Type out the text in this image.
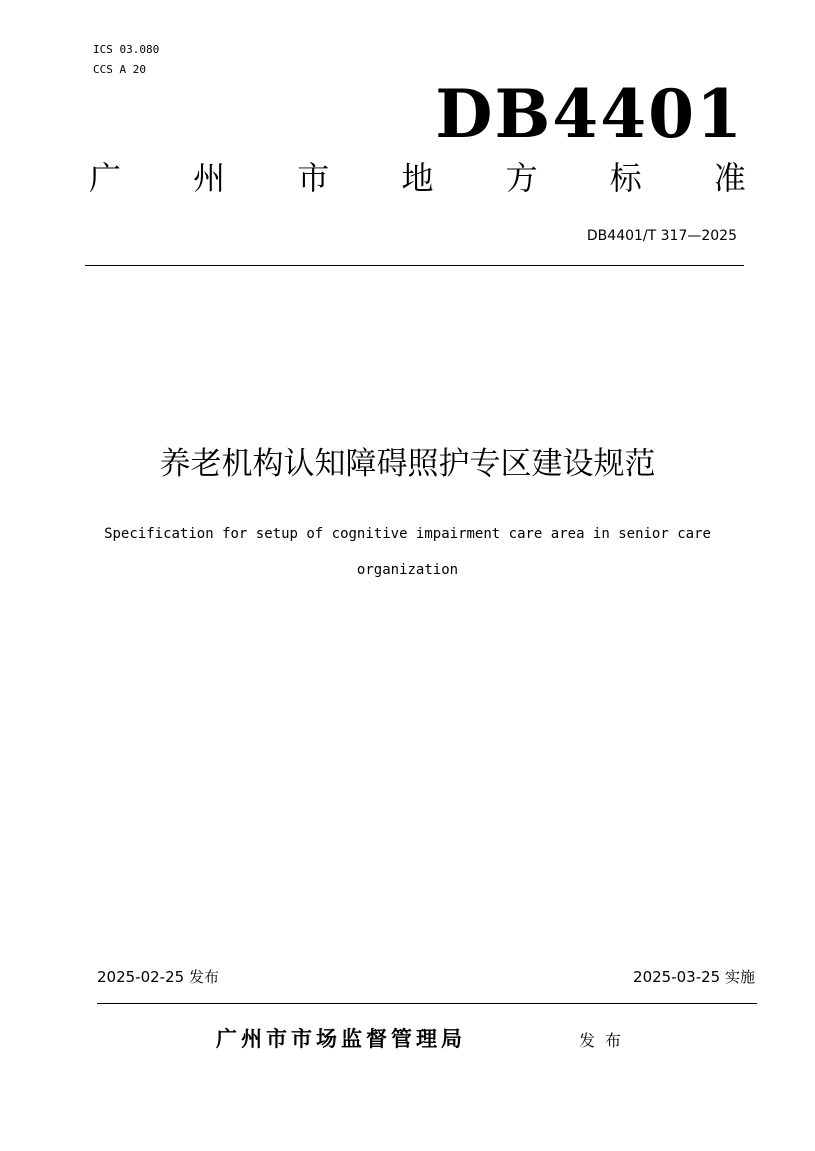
ICS 03.080
CCS A 20
DB4401
广 州 市 地 方 标 准
DB4401/T 317—2025
养老机构认知障碍照护专区建设规范
Specification for setup of cognitive impairment care area in senior care
organization
2025-02-25 发布	2025-03-25 实施
广州市市场监督管理局	发布
